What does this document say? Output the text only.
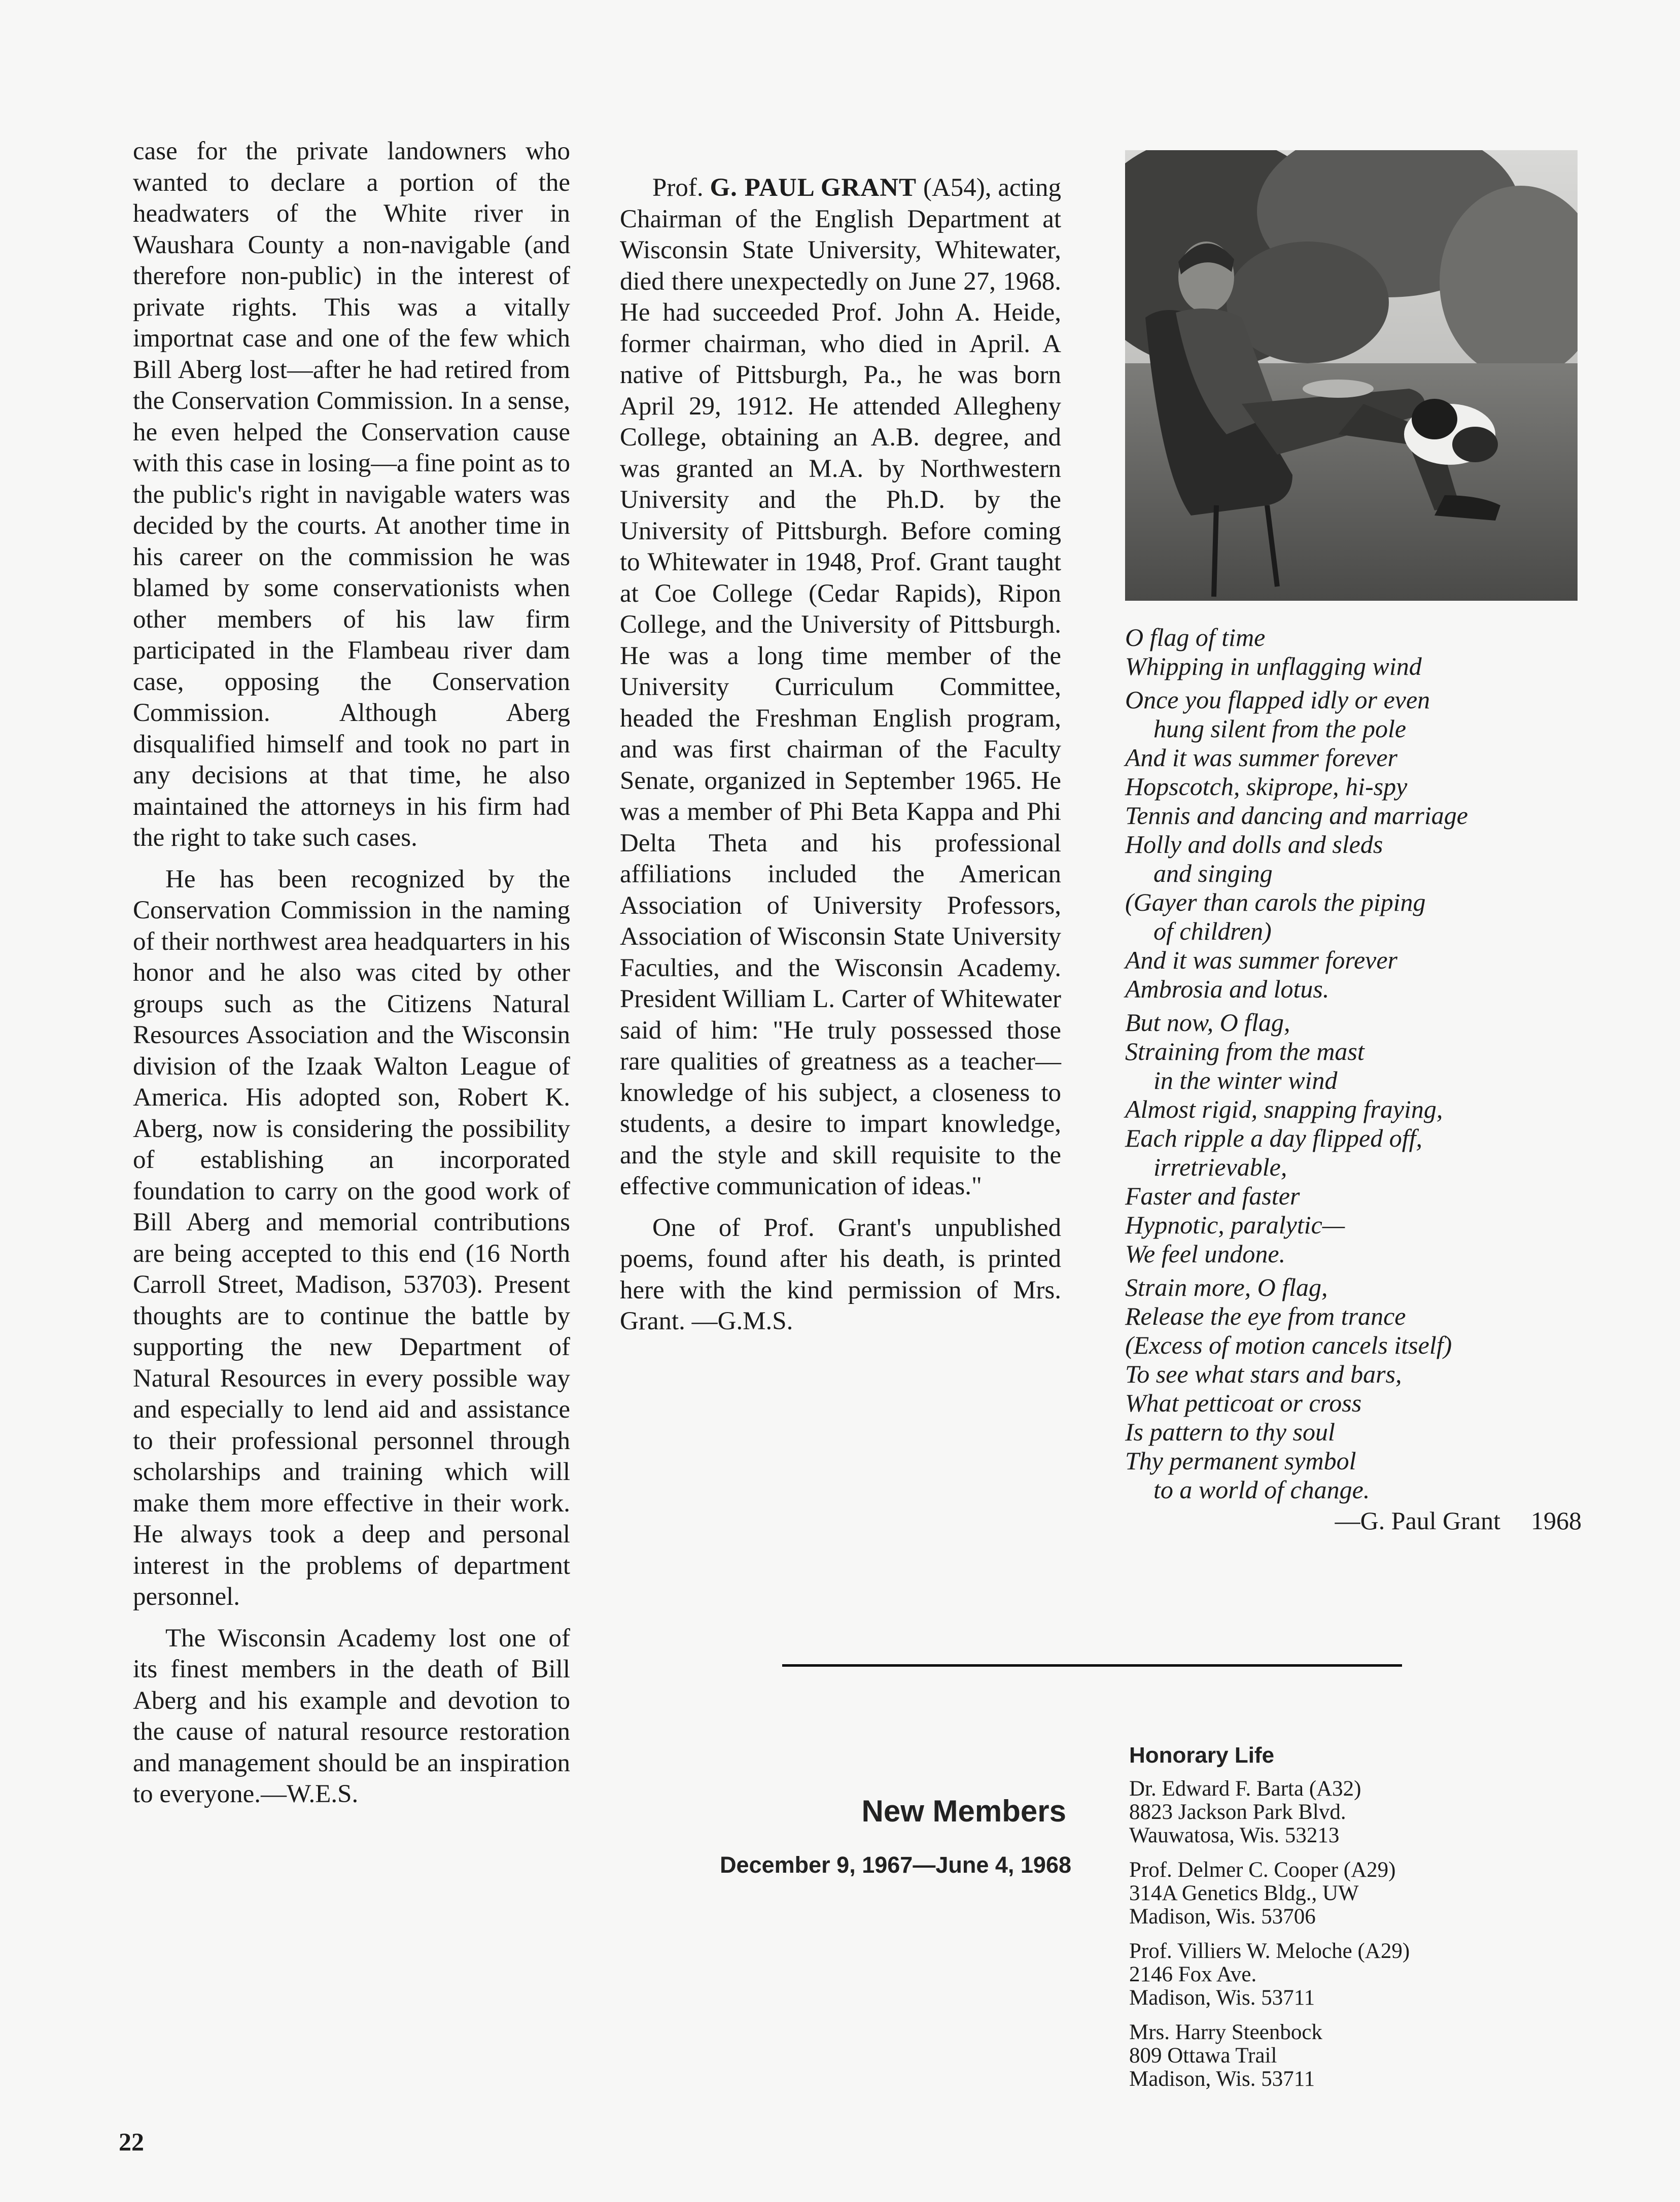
case for the private landowners who wanted to declare a portion of the headwaters of the White river in Waushara County a non-navigable (and therefore non-public) in the interest of private rights. This was a vitally importnat case and one of the few which Bill Aberg lost—after he had retired from the Conservation Commission. In a sense, he even helped the Conservation cause with this case in losing—a fine point as to the public's right in navigable waters was decided by the courts. At another time in his career on the commission he was blamed by some conservationists when other members of his law firm participated in the Flambeau river dam case, opposing the Conservation Commission. Although Aberg disqualified himself and took no part in any decisions at that time, he also maintained the attorneys in his firm had the right to take such cases.

He has been recognized by the Conservation Commission in the naming of their northwest area headquarters in his honor and he also was cited by other groups such as the Citizens Natural Resources Association and the Wisconsin division of the Izaak Walton League of America. His adopted son, Robert K. Aberg, now is considering the possibility of establishing an incorporated foundation to carry on the good work of Bill Aberg and memorial contributions are being accepted to this end (16 North Carroll Street, Madison, 53703). Present thoughts are to continue the battle by supporting the new Department of Natural Resources in every possible way and especially to lend aid and assistance to their professional personnel through scholarships and training which will make them more effective in their work. He always took a deep and personal interest in the problems of department personnel.

The Wisconsin Academy lost one of its finest members in the death of Bill Aberg and his example and devotion to the cause of natural resource restoration and management should be an inspiration to everyone.—W.E.S.

Prof. G. PAUL GRANT (A54), acting Chairman of the English Department at Wisconsin State University, Whitewater, died there unexpectedly on June 27, 1968. He had succeeded Prof. John A. Heide, former chairman, who died in April. A native of Pittsburgh, Pa., he was born April 29, 1912. He attended Allegheny College, obtaining an A.B. degree, and was granted an M.A. by Northwestern University and the Ph.D. by the University of Pittsburgh. Before coming to Whitewater in 1948, Prof. Grant taught at Coe College (Cedar Rapids), Ripon College, and the University of Pittsburgh. He was a long time member of the University Curriculum Committee, headed the Freshman English program, and was first chairman of the Faculty Senate, organized in September 1965. He was a member of Phi Beta Kappa and Phi Delta Theta and his professional affiliations included the American Association of University Professors, Association of Wisconsin State University Faculties, and the Wisconsin Academy. President William L. Carter of Whitewater said of him: "He truly possessed those rare qualities of greatness as a teacher—knowledge of his subject, a closeness to students, a desire to impart knowledge, and the style and skill requisite to the effective communication of ideas."

One of Prof. Grant's unpublished poems, found after his death, is printed here with the kind permission of Mrs. Grant. —G.M.S.

O flag of time
Whipping in unflagging wind
Once you flapped idly or even
hung silent from the pole
And it was summer forever
Hopscotch, skiprope, hi-spy
Tennis and dancing and marriage
Holly and dolls and sleds
and singing
(Gayer than carols the piping
of children)
And it was summer forever
Ambrosia and lotus.
But now, O flag,
Straining from the mast
in the winter wind
Almost rigid, snapping fraying,
Each ripple a day flipped off,
irretrievable,
Faster and faster
Hypnotic, paralytic—
We feel undone.
Strain more, O flag,
Release the eye from trance
(Excess of motion cancels itself)
To see what stars and bars,
What petticoat or cross
Is pattern to thy soul
Thy permanent symbol
to a world of change.
—G. Paul Grant 1968
New Members
December 9, 1967—June 4, 1968
Honorary Life
Dr. Edward F. Barta (A32)
8823 Jackson Park Blvd.
Wauwatosa, Wis. 53213
Prof. Delmer C. Cooper (A29)
314A Genetics Bldg., UW
Madison, Wis. 53706
Prof. Villiers W. Meloche (A29)
2146 Fox Ave.
Madison, Wis. 53711
Mrs. Harry Steenbock
809 Ottawa Trail
Madison, Wis. 53711
22
